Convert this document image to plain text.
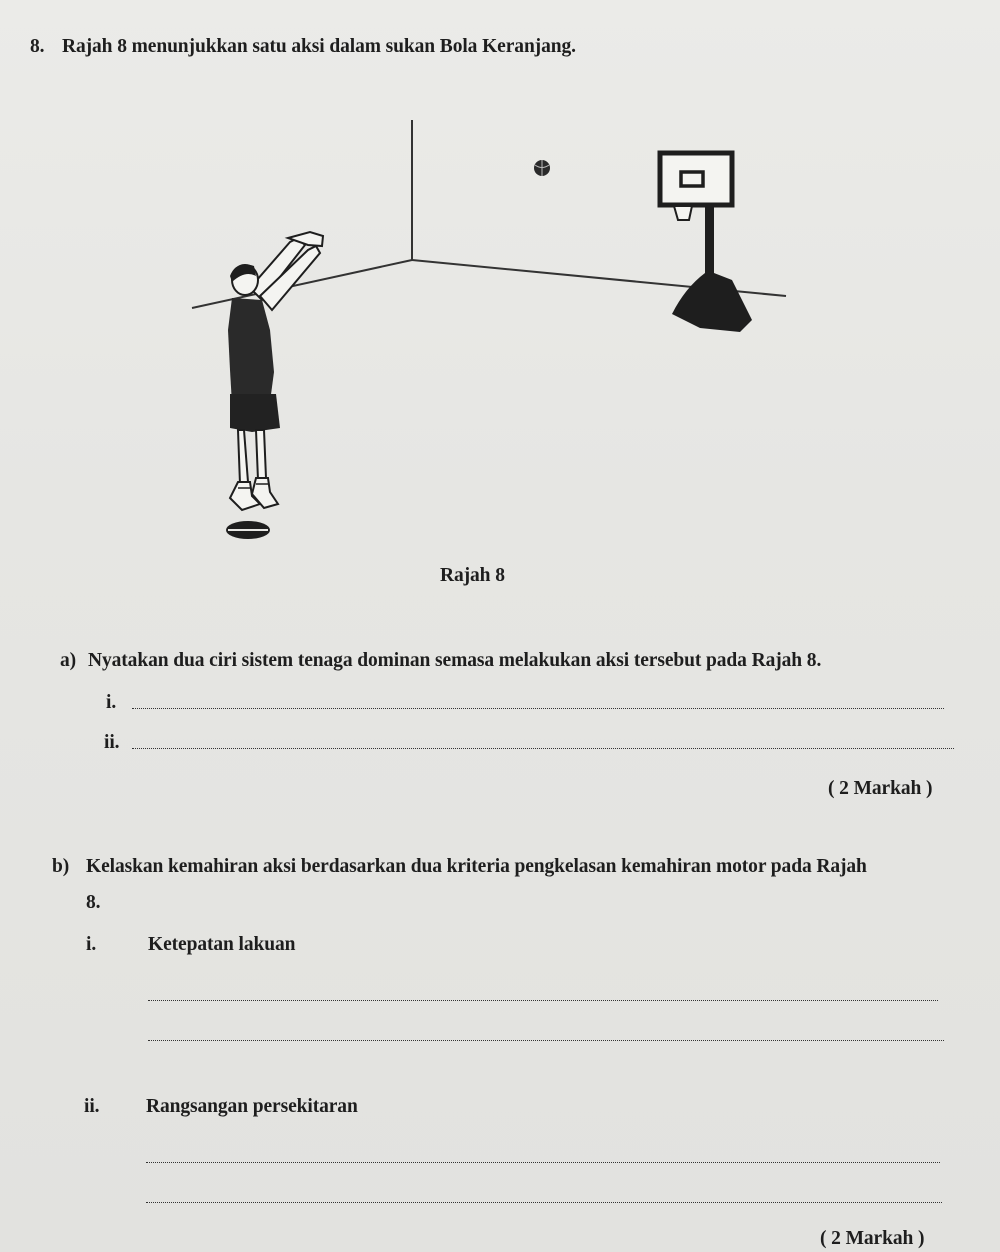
8. Rajah 8 menunjukkan satu aksi dalam sukan Bola Keranjang.
Rajah 8
a) Nyatakan dua ciri sistem tenaga dominan semasa melakukan aksi tersebut pada Rajah 8.
i.
ii.
( 2 Markah )
b) Kelaskan kemahiran aksi berdasarkan dua kriteria pengkelasan kemahiran motor pada Rajah
8.
i.	Ketepatan lakuan
ii. Rangsangan persekitaran
( 2 Markah )
